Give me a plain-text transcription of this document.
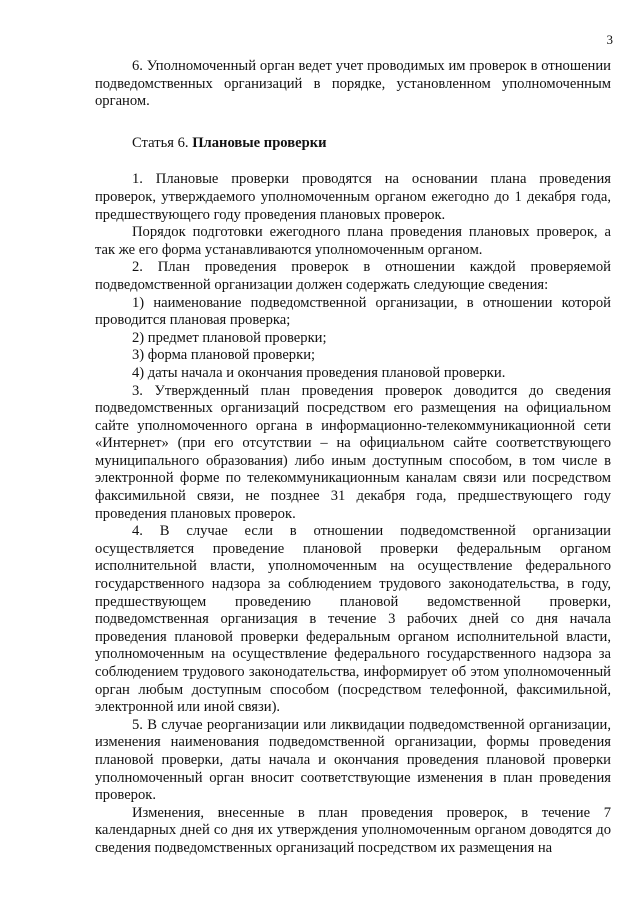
3

6. Уполномоченный орган ведет учет проводимых им проверок в отношении подведомственных организаций в порядке, установленном уполномоченным органом.

Статья 6. Плановые проверки

1. Плановые проверки проводятся на основании плана проведения проверок, утверждаемого уполномоченным органом ежегодно до 1 декабря года, предшествующего году проведения плановых проверок.

Порядок подготовки ежегодного плана проведения плановых проверок, а так же его форма устанавливаются уполномоченным органом.

2. План проведения проверок в отношении каждой проверяемой подведомственной организации должен содержать следующие сведения:

1) наименование подведомственной организации, в отношении которой проводится плановая проверка;

2) предмет плановой проверки;

3) форма плановой проверки;

4) даты начала и окончания проведения плановой проверки.

3. Утвержденный план проведения проверок доводится до сведения подведомственных организаций посредством его размещения на официальном сайте уполномоченного органа в информационно-телекоммуникационной сети «Интернет» (при его отсутствии – на официальном сайте соответствующего муниципального образования) либо иным доступным способом, в том числе в электронной форме по телекоммуникационным каналам связи или посредством факсимильной связи, не позднее 31 декабря года, предшествующего году проведения плановых проверок.

4. В случае если в отношении подведомственной организации осуществляется проведение плановой проверки федеральным органом исполнительной власти, уполномоченным на осуществление федерального государственного надзора за соблюдением трудового законодательства, в году, предшествующем проведению плановой ведомственной проверки, подведомственная организация в течение 3 рабочих дней со дня начала проведения плановой проверки федеральным органом исполнительной власти, уполномоченным на осуществление федерального государственного надзора за соблюдением трудового законодательства, информирует об этом уполномоченный орган любым доступным способом (посредством телефонной, факсимильной, электронной или иной связи).

5. В случае реорганизации или ликвидации подведомственной организации, изменения наименования подведомственной организации, формы проведения плановой проверки, даты начала и окончания проведения плановой проверки уполномоченный орган вносит соответствующие изменения в план проведения проверок.

Изменения, внесенные в план проведения проверок, в течение 7 календарных дней со дня их утверждения уполномоченным органом доводятся до сведения подведомственных организаций посредством их размещения на
